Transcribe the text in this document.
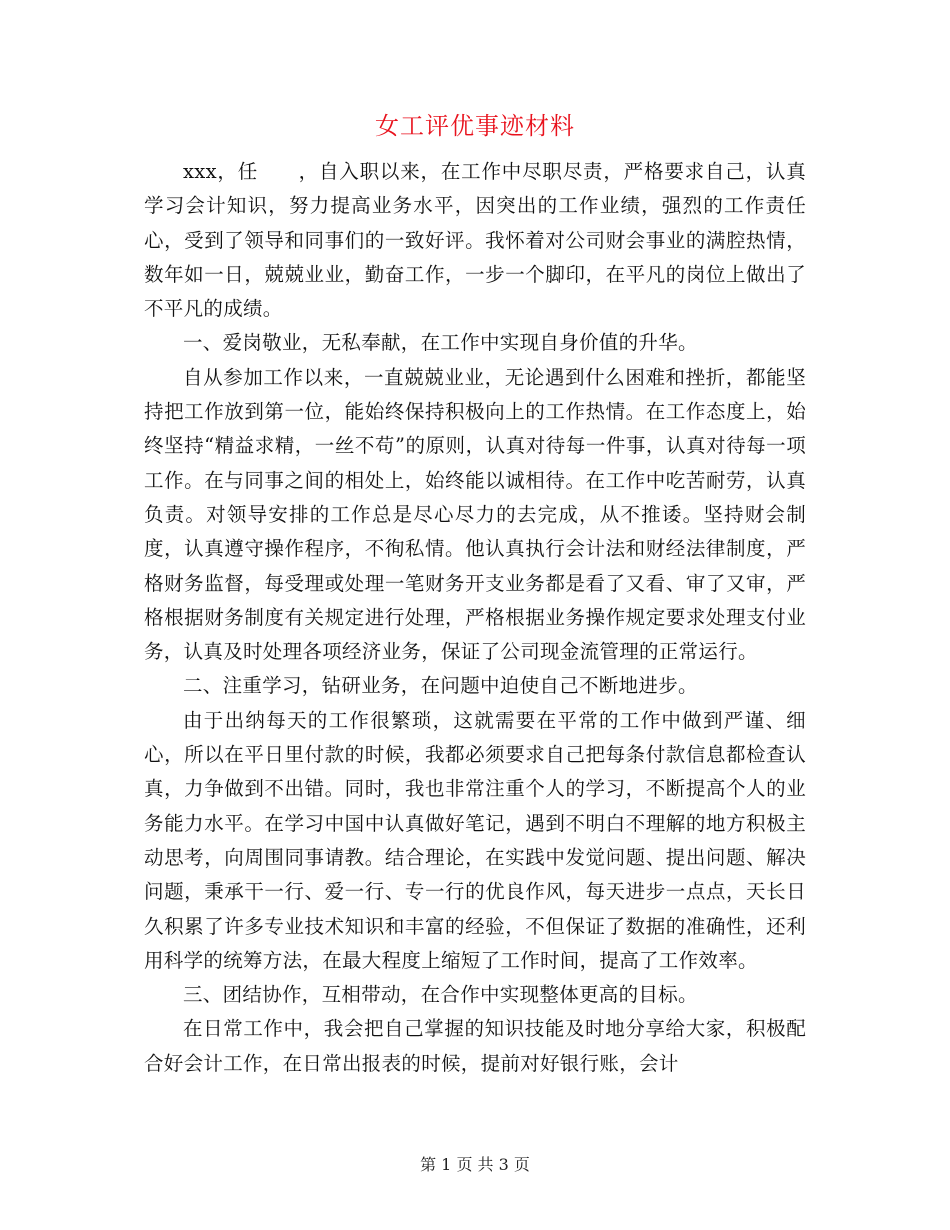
女工评优事迹材料

xxx，任　　，自入职以来，在工作中尽职尽责，严格要求自己，认真学习会计知识，努力提高业务水平，因突出的工作业绩，强烈的工作责任心，受到了领导和同事们的一致好评。我怀着对公司财会事业的满腔热情，数年如一日，兢兢业业，勤奋工作，一步一个脚印，在平凡的岗位上做出了不平凡的成绩。

一、爱岗敬业，无私奉献，在工作中实现自身价值的升华。

自从参加工作以来，一直兢兢业业，无论遇到什么困难和挫折，都能坚持把工作放到第一位，能始终保持积极向上的工作热情。在工作态度上，始终坚持“精益求精，一丝不苟”的原则，认真对待每一件事，认真对待每一项工作。在与同事之间的相处上，始终能以诚相待。在工作中吃苦耐劳，认真负责。对领导安排的工作总是尽心尽力的去完成，从不推诿。坚持财会制度，认真遵守操作程序，不徇私情。他认真执行会计法和财经法律制度，严格财务监督，每受理或处理一笔财务开支业务都是看了又看、审了又审，严格根据财务制度有关规定进行处理，严格根据业务操作规定要求处理支付业务，认真及时处理各项经济业务，保证了公司现金流管理的正常运行。

二、注重学习，钻研业务，在问题中迫使自己不断地进步。

由于出纳每天的工作很繁琐，这就需要在平常的工作中做到严谨、细心，所以在平日里付款的时候，我都必须要求自己把每条付款信息都检查认真，力争做到不出错。同时，我也非常注重个人的学习，不断提高个人的业务能力水平。在学习中国中认真做好笔记，遇到不明白不理解的地方积极主动思考，向周围同事请教。结合理论，在实践中发觉问题、提出问题、解决问题，秉承干一行、爱一行、专一行的优良作风，每天进步一点点，天长日久积累了许多专业技术知识和丰富的经验，不但保证了数据的准确性，还利用科学的统筹方法，在最大程度上缩短了工作时间，提高了工作效率。

三、团结协作，互相带动，在合作中实现整体更高的目标。

在日常工作中，我会把自己掌握的知识技能及时地分享给大家，积极配合好会计工作，在日常出报表的时候，提前对好银行账，会计

第 1 页 共 3 页
